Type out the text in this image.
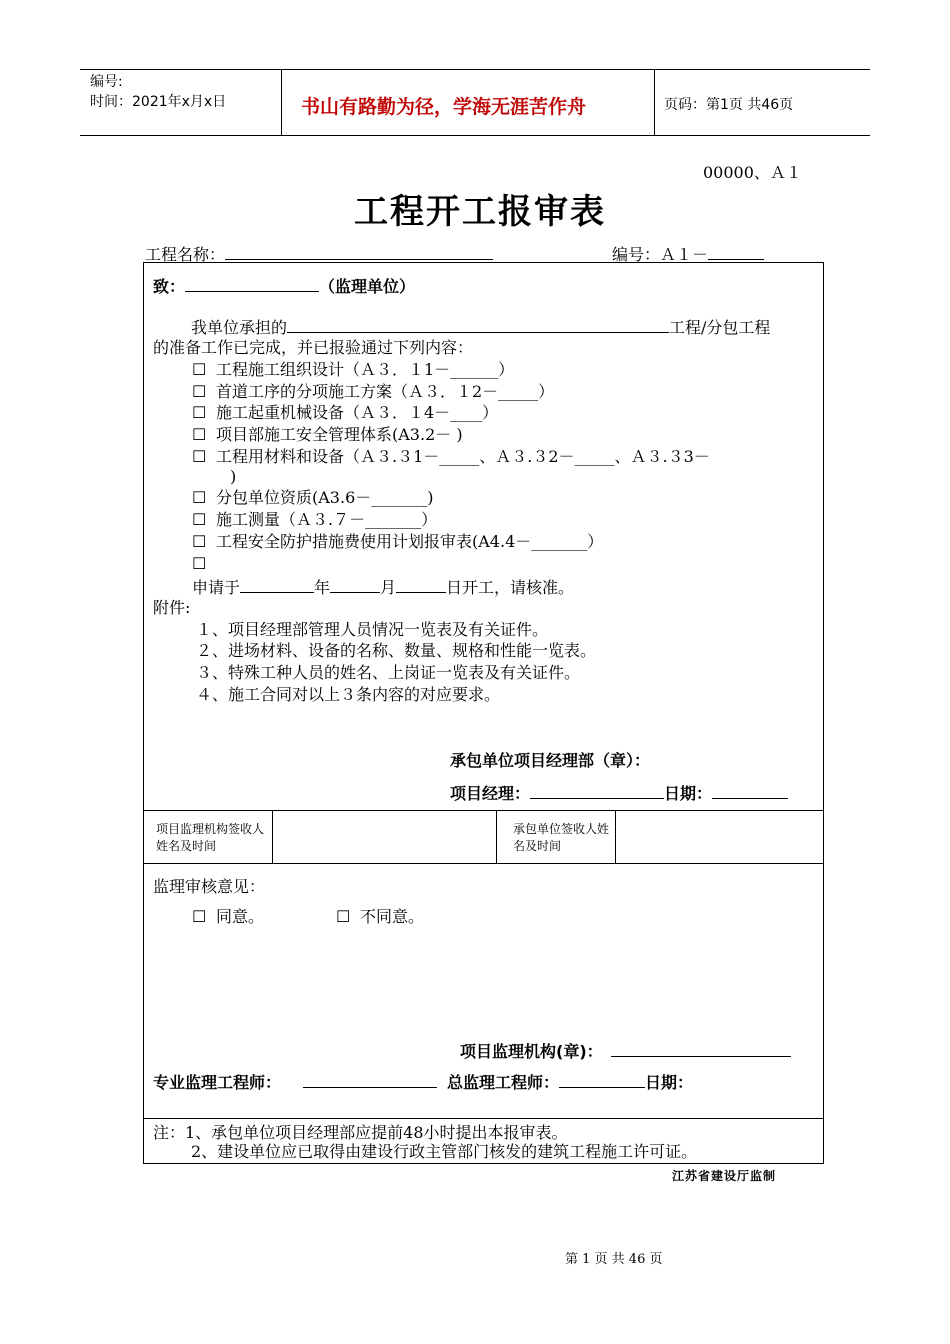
编号:
时间：2021年x月x日	书山有路勤为径，学海无涯苦作舟	页码：第1页 共46页
00000、Ａ１
工程开工报审表
工程名称：	编号：Ａ１－
致：	（监理单位）
我单位承担的	工程/分包工程
的准备工作已完成，并已报验通过下列内容：
☐ 工程施工组织设计（Ａ３．１1－______）
☐ 首道工序的分项施工方案（Ａ３．１2－_____）
☐ 施工起重机械设备（Ａ３．１4－____）
☐ 项目部施工安全管理体系(A3.2－ )
☐ 工程用材料和设备（Ａ３.３1－_____、Ａ３.３2－_____、Ａ３.３3－
)
☐ 分包单位资质(A3.6－_______)
☐ 施工测量（Ａ３.７－_______）
☐ 工程安全防护措施费使用计划报审表(A4.4－_______）
☐
申请于	年	月	日开工，请核准。
附件:
１、项目经理部管理人员情况一览表及有关证件。
２、进场材料、设备的名称、数量、规格和性能一览表。
３、特殊工种人员的姓名、上岗证一览表及有关证件。
４、施工合同对以上３条内容的对应要求。
承包单位项目经理部（章）：
项目经理：	日期：
项目监理机构签收人姓名及时间
承包单位签收人姓名及时间
监理审核意见：
☐ 同意。	☐ 不同意。
项目监理机构(章)：
专业监理工程师：	总监理工程师：	日期：
注：1、承包单位项目经理部应提前48小时提出本报审表。
2、建设单位应已取得由建设行政主管部门核发的建筑工程施工许可证。
江苏省建设厅监制
第 1 页 共 46 页
